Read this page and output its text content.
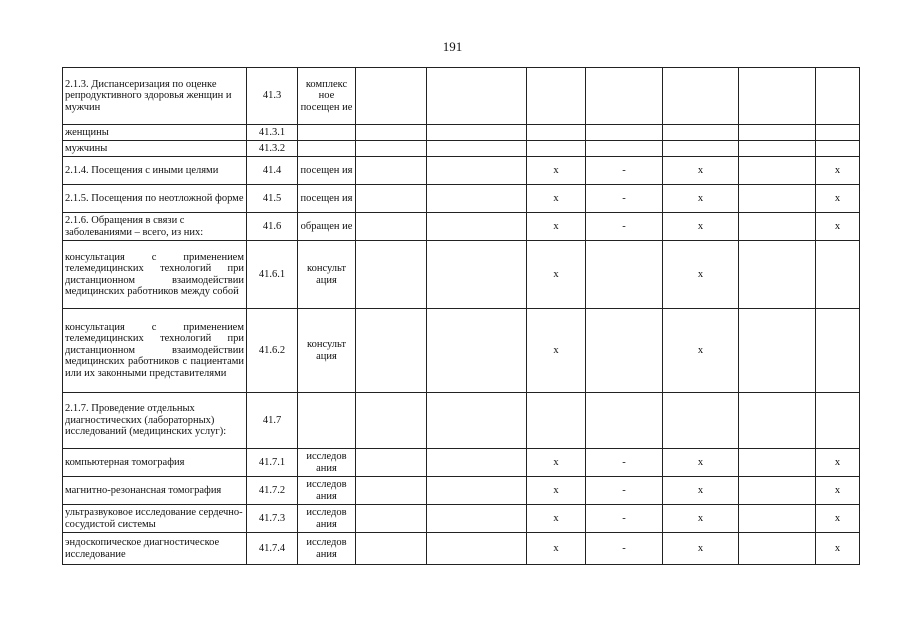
191
2.1.3. Диспансеризация по оценке репродуктивного здоровья женщин и мужчин	41.3	комплекс ное посещен ие							
женщины	41.3.1								
мужчины	41.3.2								
2.1.4. Посещения с иными целями	41.4	посещен ия			х	-	х		х
2.1.5. Посещения по неотложной форме	41.5	посещен ия			х	-	х		х
2.1.6. Обращения в связи с заболеваниями – всего, из них:	41.6	обращен ие			х	-	х		х
консультация с применением телемедицинских технологий при дистанционном взаимодействии медицинских работников между собой	41.6.1	консульт ация			х		х		
консультация с применением телемедицинских технологий при дистанционном взаимодействии медицинских работников с пациентами или их законными представителями	41.6.2	консульт ация			х		х		
2.1.7. Проведение отдельных диагностических (лабораторных) исследований (медицинских услуг):	41.7								
компьютерная томография	41.7.1	исследов ания			х	-	х		х
магнитно-резонансная томография	41.7.2	исследов ания			х	-	х		х
ультразвуковое исследование сердечно-сосудистой системы	41.7.3	исследов ания			х	-	х		х
эндоскопическое диагностическое исследование	41.7.4	исследов ания			х	-	х		х
